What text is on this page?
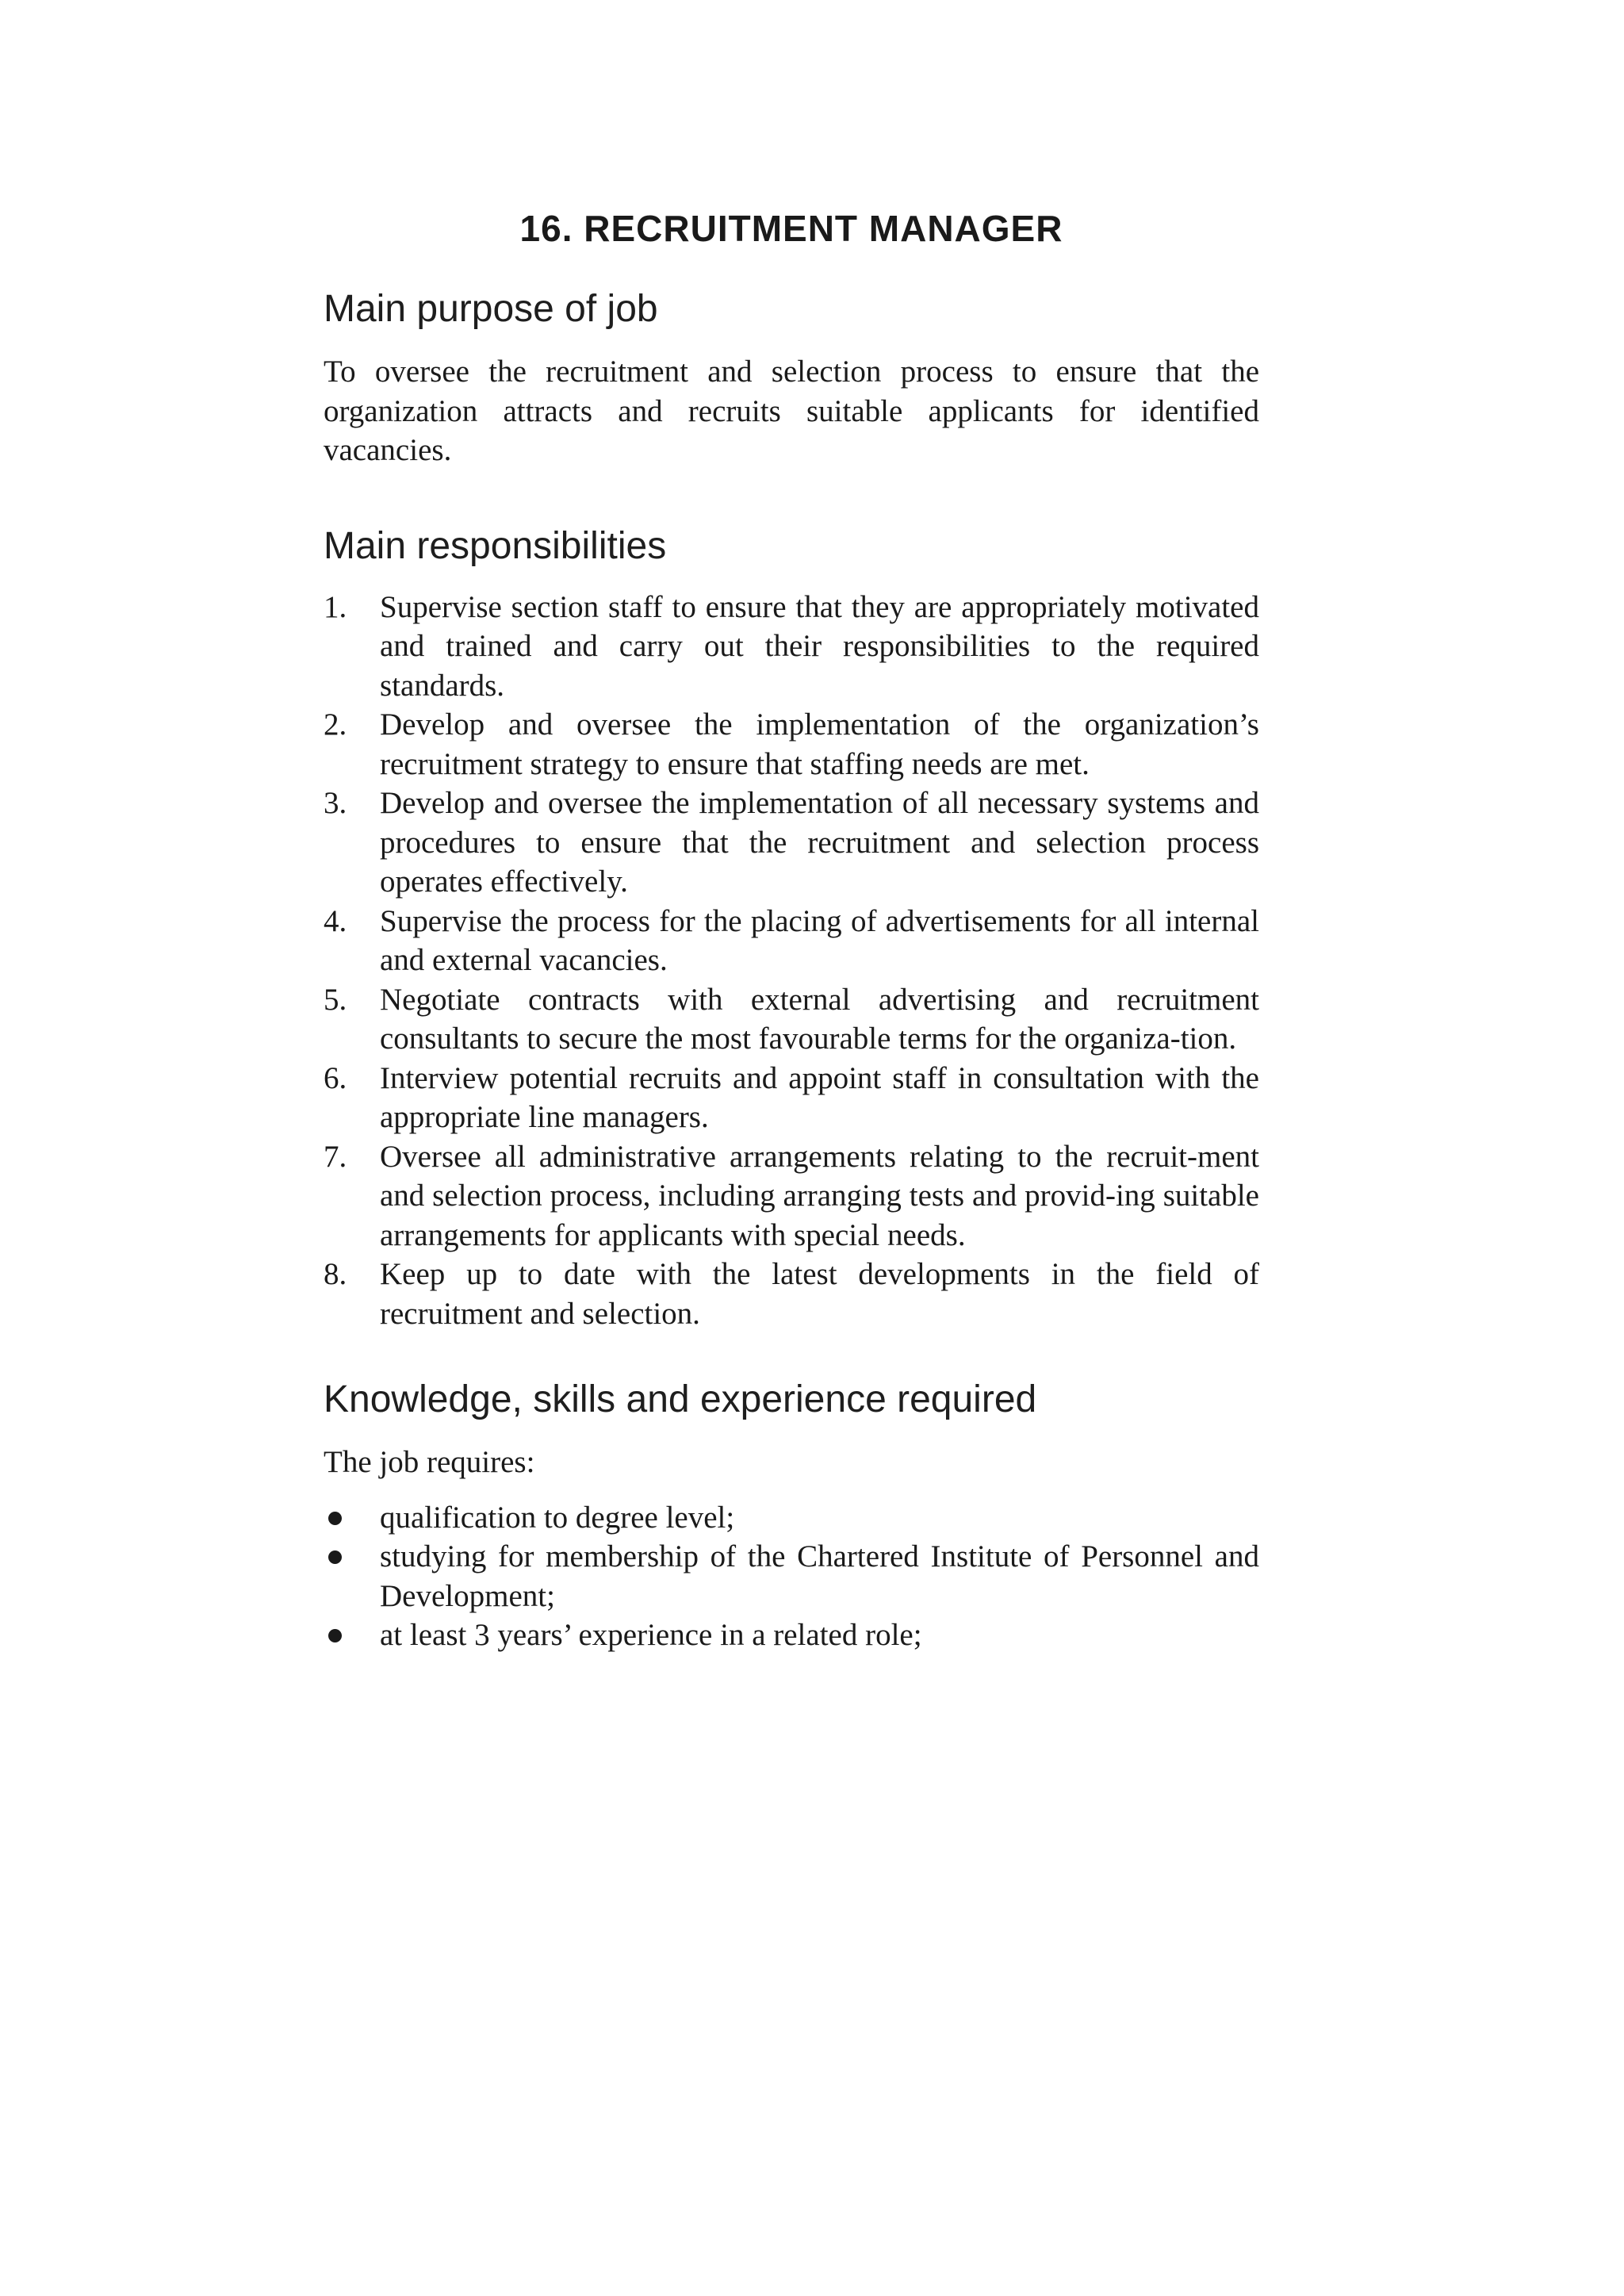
16. RECRUITMENT MANAGER
Main purpose of job

To oversee the recruitment and selection process to ensure that the organization attracts and recruits suitable applicants for identified vacancies.

Main responsibilities
1. Supervise section staff to ensure that they are appropriately motivated and trained and carry out their responsibilities to the required standards.
2. Develop and oversee the implementation of the organization’s recruitment strategy to ensure that staffing needs are met.
3. Develop and oversee the implementation of all necessary systems and procedures to ensure that the recruitment and selection process operates effectively.
4. Supervise the process for the placing of advertisements for all internal and external vacancies.
5. Negotiate contracts with external advertising and recruitment consultants to secure the most favourable terms for the organiza-tion.
6. Interview potential recruits and appoint staff in consultation with the appropriate line managers.
7. Oversee all administrative arrangements relating to the recruit-ment and selection process, including arranging tests and provid-ing suitable arrangements for applicants with special needs.
8. Keep up to date with the latest developments in the field of recruitment and selection.
Knowledge, skills and experience required

The job requires:

qualification to degree level;
studying for membership of the Chartered Institute of Personnel and Development;
at least 3 years’ experience in a related role;
